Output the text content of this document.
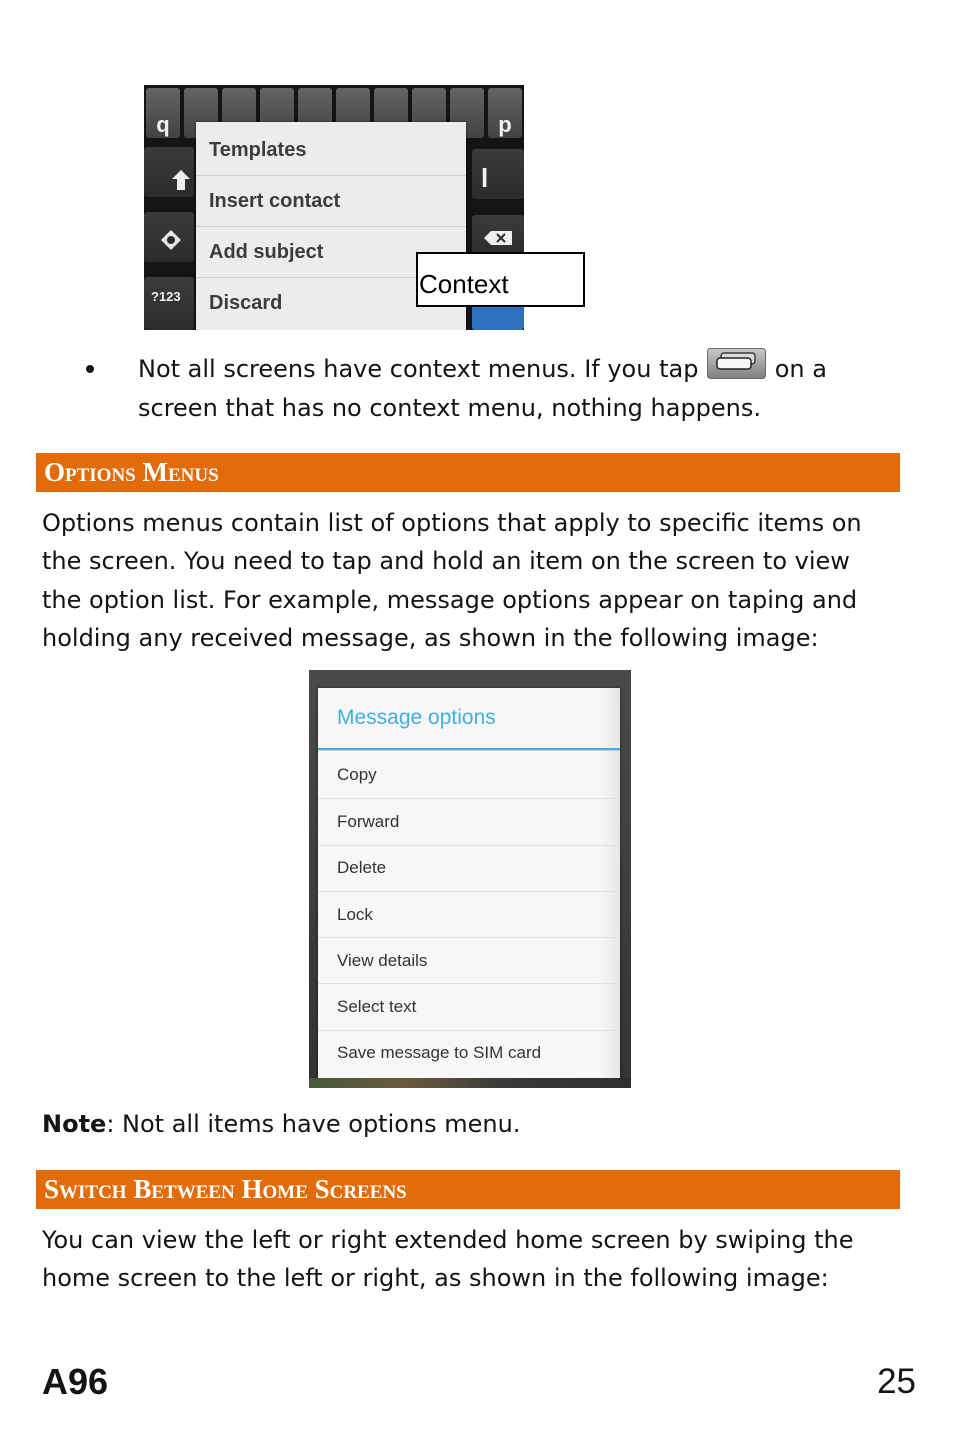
q	p
?123
l
Templates
Insert contact
Add subject
Discard
Context
Not all screens have context menus. If you tap	on a screen that has no context menu, nothing happens.
Options Menus
Options menus contain list of options that apply to specific items on the screen. You need to tap and hold an item on the screen to view the option list. For example, message options appear on taping and holding any received message, as shown in the following image:
Message options
Copy
Forward
Delete
Lock
View details
Select text
Save message to SIM card
Note: Not all items have options menu.
Switch Between Home Screens
You can view the left or right extended home screen by swiping the home screen to the left or right, as shown in the following image:
A96	25
